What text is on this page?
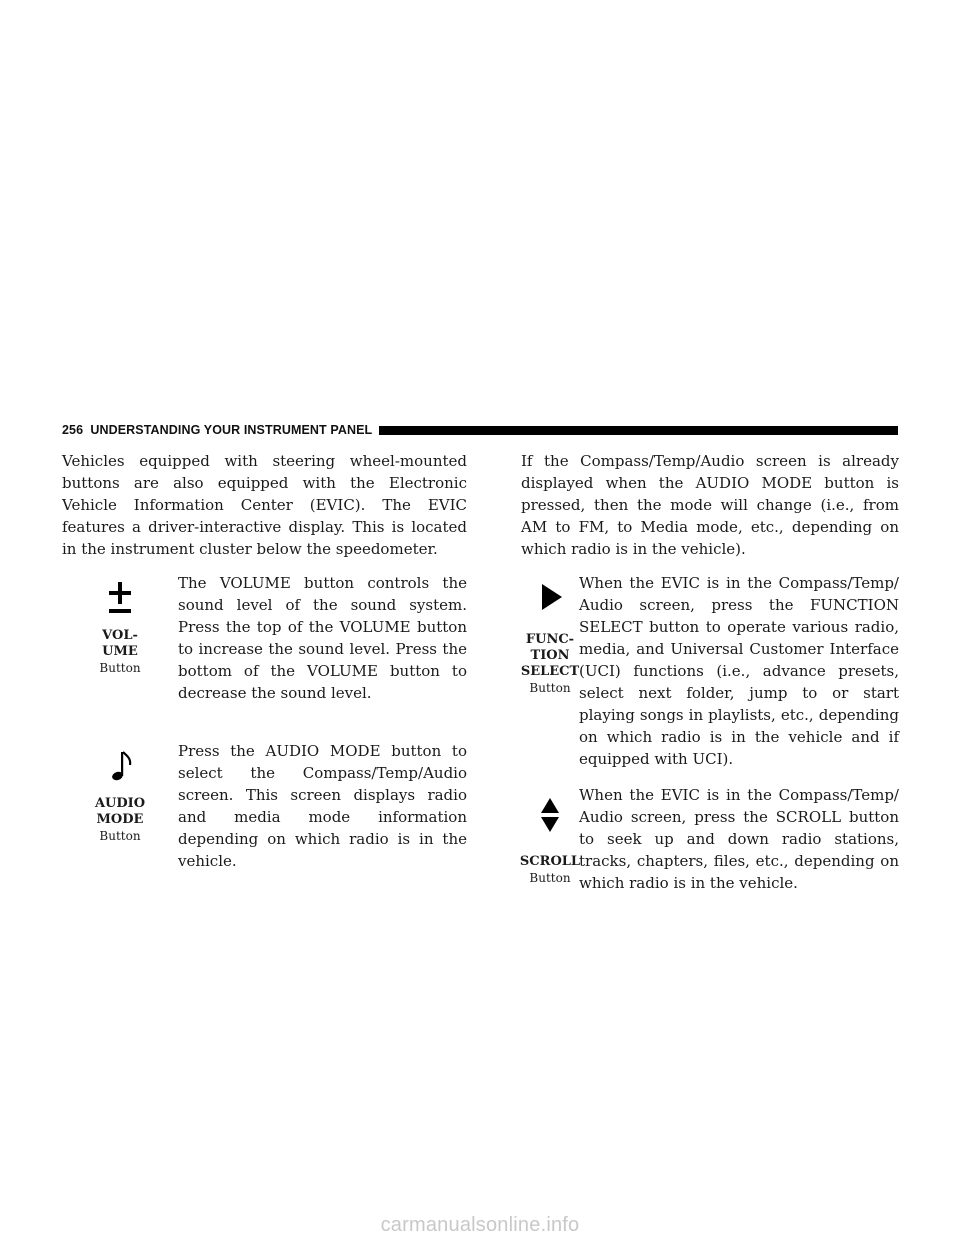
256 UNDERSTANDING YOUR INSTRUMENT PANEL

Vehicles equipped with steering wheel-mounted buttons are also equipped with the Electronic Vehicle Information Center (EVIC). The EVIC features a driver-interactive display. This is located in the instrument cluster below the speedometer.

VOL-
UME
Button

The VOLUME button controls the sound level of the sound system. Press the top of the VOLUME button to increase the sound level. Press the bottom of the VOLUME button to decrease the sound level.

AUDIO
MODE
Button

Press the AUDIO MODE button to select the Compass/Temp/Audio screen. This screen displays radio and media mode information depending on which radio is in the vehicle.

If the Compass/Temp/Audio screen is already displayed when the AUDIO MODE button is pressed, then the mode will change (i.e., from AM to FM, to Media mode, etc., depending on which radio is in the vehicle).

FUNC-
TION
SELECT
Button

When the EVIC is in the Compass/Temp/ Audio screen, press the FUNCTION SELECT button to operate various radio, media, and Universal Customer Interface (UCI) functions (i.e., advance presets, select next folder, jump to or start playing songs in playlists, etc., depending on which radio is in the vehicle and if equipped with UCI).

SCROLL
Button

When the EVIC is in the Compass/Temp/ Audio screen, press the SCROLL button to seek up and down radio stations, tracks, chapters, files, etc., depending on which radio is in the vehicle.

carmanualsonline.info
